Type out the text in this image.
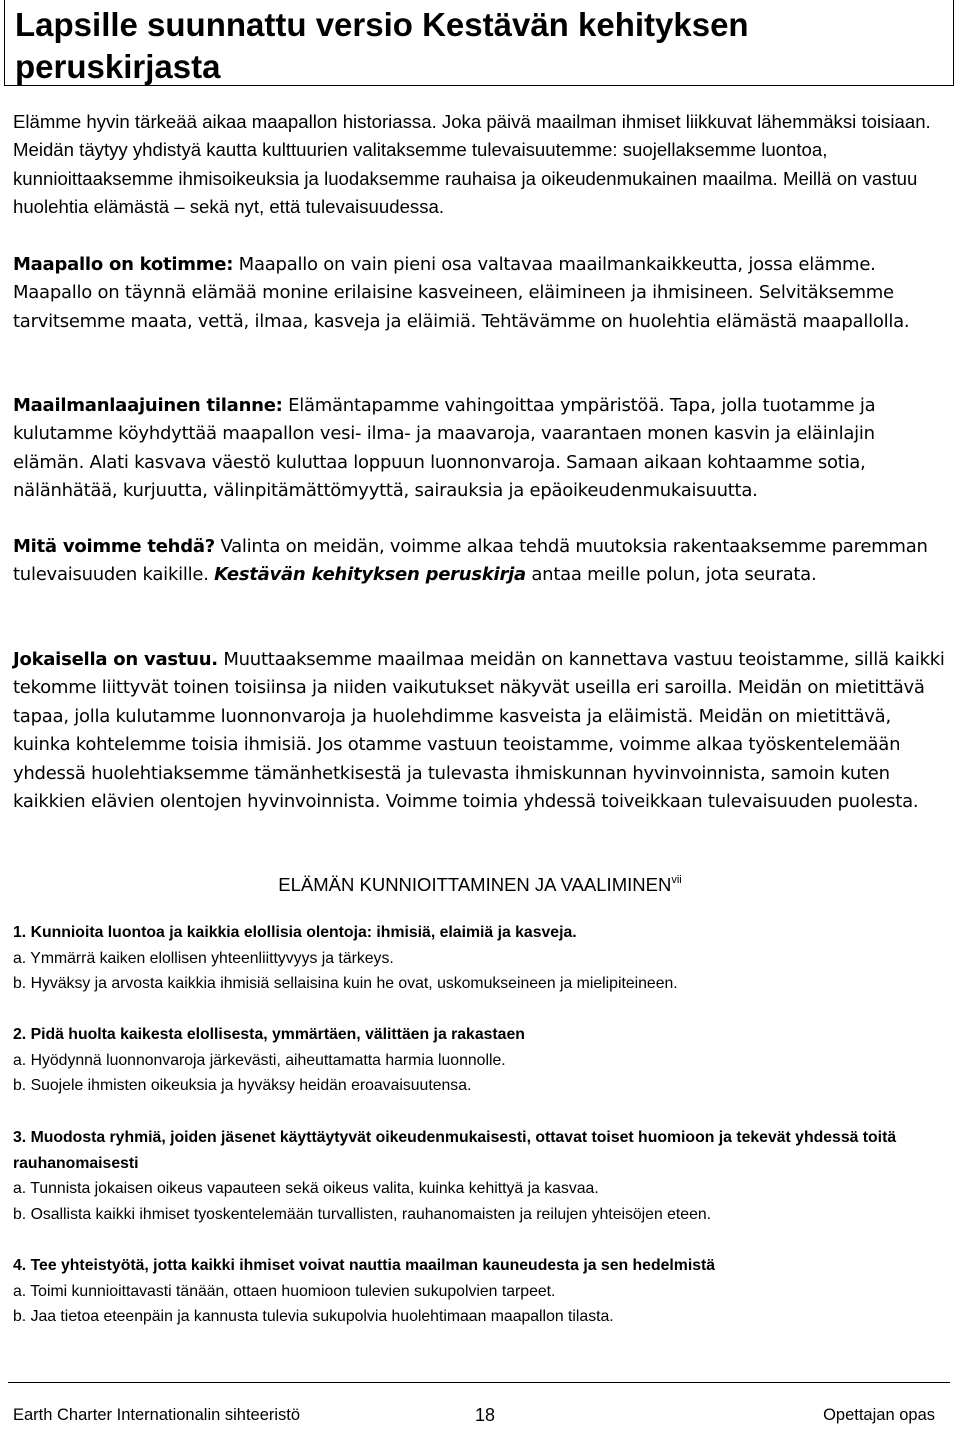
Lapsille suunnattu versio Kestävän kehityksen peruskirjasta

Elämme hyvin tärkeää aikaa maapallon historiassa. Joka päivä maailman ihmiset liikkuvat lähemmäksi toisiaan. Meidän täytyy yhdistyä kautta kulttuurien valitaksemme tulevaisuutemme: suojellaksemme luontoa, kunnioittaaksemme ihmisoikeuksia ja luodaksemme rauhaisa ja oikeudenmukainen maailma. Meillä on vastuu huolehtia elämästä – sekä nyt, että tulevaisuudessa.

Maapallo on kotimme: Maapallo on vain pieni osa valtavaa maailmankaikkeutta, jossa elämme. Maapallo on täynnä elämää monine erilaisine kasveineen, eläimineen ja ihmisineen. Selvitäksemme tarvitsemme maata, vettä, ilmaa, kasveja ja eläimiä. Tehtävämme on huolehtia elämästä maapallolla.

Maailmanlaajuinen tilanne: Elämäntapamme vahingoittaa ympäristöä. Tapa, jolla tuotamme ja kulutamme köyhdyttää maapallon vesi- ilma- ja maavaroja, vaarantaen monen kasvin ja eläinlajin elämän. Alati kasvava väestö kuluttaa loppuun luonnonvaroja. Samaan aikaan kohtaamme sotia, nälänhätää, kurjuutta, välinpitämättömyyttä, sairauksia ja epäoikeudenmukaisuutta.

Mitä voimme tehdä? Valinta on meidän, voimme alkaa tehdä muutoksia rakentaaksemme paremman tulevaisuuden kaikille. Kestävän kehityksen peruskirja antaa meille polun, jota seurata.

Jokaisella on vastuu. Muuttaaksemme maailmaa meidän on kannettava vastuu teoistamme, sillä kaikki tekomme liittyvät toinen toisiinsa ja niiden vaikutukset näkyvät useilla eri saroilla. Meidän on mietittävä tapaa, jolla kulutamme luonnonvaroja ja huolehdimme kasveista ja eläimistä. Meidän on mietittävä, kuinka kohtelemme toisia ihmisiä. Jos otamme vastuun teoistamme, voimme alkaa työskentelemään yhdessä huolehtiaksemme tämänhetkisestä ja tulevasta ihmiskunnan hyvinvoinnista, samoin kuten kaikkien elävien olentojen hyvinvoinnista. Voimme toimia yhdessä toiveikkaan tulevaisuuden puolesta.

ELÄMÄN KUNNIOITTAMINEN JA VAALIMINEN$^{vii}$
1. Kunnioita luontoa ja kaikkia elollisia olentoja: ihmisiä, elaimiä ja kasveja.
a. Ymmärrä kaiken elollisen yhteenliittyvyys ja tärkeys.
b. Hyväksy ja arvosta kaikkia ihmisiä sellaisina kuin he ovat, uskomukseineen ja mielipiteineen.
2. Pidä huolta kaikesta elollisesta, ymmärtäen, välittäen ja rakastaen
a. Hyödynnä luonnonvaroja järkevästi, aiheuttamatta harmia luonnolle.
b. Suojele ihmisten oikeuksia ja hyväksy heidän eroavaisuutensa.
3. Muodosta ryhmiä, joiden jäsenet käyttäytyvät oikeudenmukaisesti, ottavat toiset huomioon ja tekevät yhdessä toitä rauhanomaisesti
a. Tunnista jokaisen oikeus vapauteen sekä oikeus valita, kuinka kehittyä ja kasvaa.
b. Osallista kaikki ihmiset tyoskentelemään turvallisten, rauhanomaisten ja reilujen yhteisöjen eteen.
4. Tee yhteistyötä, jotta kaikki ihmiset voivat nauttia maailman kauneudesta ja sen hedelmistä
a. Toimi kunnioittavasti tänään, ottaen huomioon tulevien sukupolvien tarpeet.
b. Jaa tietoa eteenpäin ja kannusta tulevia sukupolvia huolehtimaan maapallon tilasta.
Earth Charter Internationalin sihteeristö	18	Opettajan opas
